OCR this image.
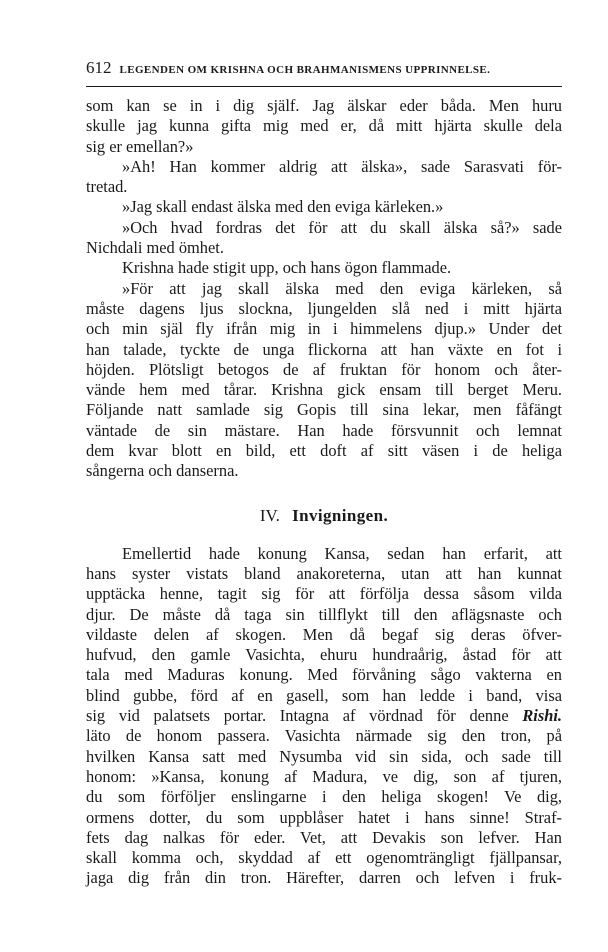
612 LEGENDEN OM KRISHNA OCH BRAHMANISMENS UPPRINNELSE.
som kan se in i dig själf. Jag älskar eder båda. Men huru
skulle jag kunna gifta mig med er, då mitt hjärta skulle dela
sig er emellan?»
»Ah! Han kommer aldrig att älska», sade Sarasvati för-
tretad.
»Jag skall endast älska med den eviga kärleken.»
»Och hvad fordras det för att du skall älska så?» sade
Nichdali med ömhet.
Krishna hade stigit upp, och hans ögon flammade.
»För att jag skall älska med den eviga kärleken, så
måste dagens ljus slockna, ljungelden slå ned i mitt hjärta
och min själ fly ifrån mig in i himmelens djup.» Under det
han talade, tyckte de unga flickorna att han växte en fot i
höjden. Plötsligt betogos de af fruktan för honom och åter-
vände hem med tårar. Krishna gick ensam till berget Meru.
Följande natt samlade sig Gopis till sina lekar, men fåfängt
väntade de sin mästare. Han hade försvunnit och lemnat
dem kvar blott en bild, ett doft af sitt väsen i de heliga
sångerna och danserna.
IV. Invigningen.
Emellertid hade konung Kansa, sedan han erfarit, att
hans syster vistats bland anakoreterna, utan att han kunnat
upptäcka henne, tagit sig för att förfölja dessa såsom vilda
djur. De måste då taga sin tillflykt till den aflägsnaste och
vildaste delen af skogen. Men då begaf sig deras öfver-
hufvud, den gamle Vasichta, ehuru hundraårig, åstad för att
tala med Maduras konung. Med förvåning sågo vakterna en
blind gubbe, förd af en gasell, som han ledde i band, visa
sig vid palatsets portar. Intagna af vördnad för denne Rishi.
läto de honom passera. Vasichta närmade sig den tron, på
hvilken Kansa satt med Nysumba vid sin sida, och sade till
honom: »Kansa, konung af Madura, ve dig, son af tjuren,
du som förföljer enslingarne i den heliga skogen! Ve dig,
ormens dotter, du som uppblåser hatet i hans sinne! Straf-
fets dag nalkas för eder. Vet, att Devakis son lefver. Han
skall komma och, skyddad af ett ogenomträngligt fjällpansar,
jaga dig från din tron. Härefter, darren och lefven i fruk-
